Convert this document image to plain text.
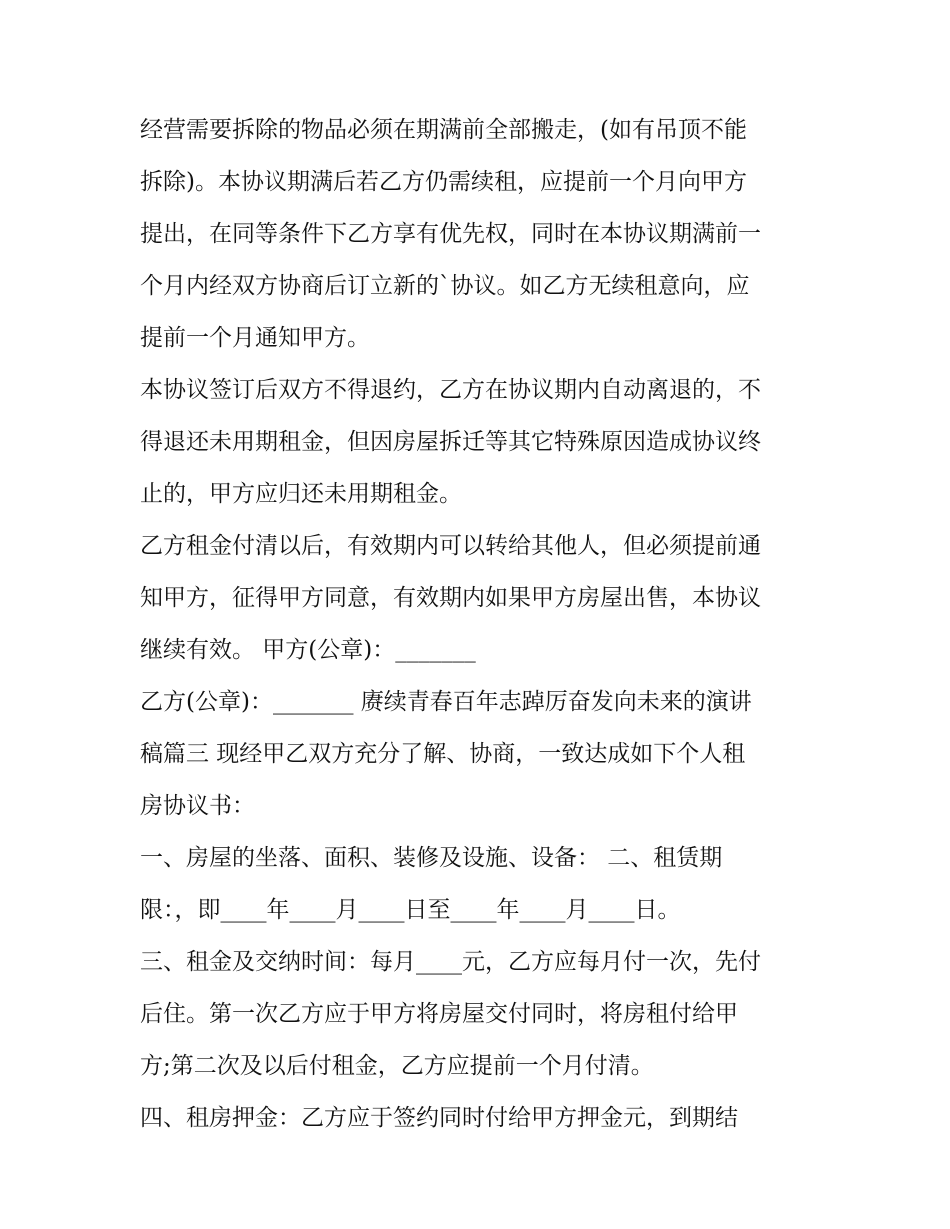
经营需要拆除的物品必须在期满前全部搬走，(如有吊顶不能
拆除)。本协议期满后若乙方仍需续租，应提前一个月向甲方
提出，在同等条件下乙方享有优先权，同时在本协议期满前一
个月内经双方协商后订立新的`协议。如乙方无续租意向，应
提前一个月通知甲方。
本协议签订后双方不得退约，乙方在协议期内自动离退的，不
得退还未用期租金，但因房屋拆迁等其它特殊原因造成协议终
止的，甲方应归还未用期租金。
乙方租金付清以后，有效期内可以转给其他人，但必须提前通
知甲方，征得甲方同意，有效期内如果甲方房屋出售，本协议
继续有效。 甲方(公章)：_______
乙方(公章)：_______ 赓续青春百年志踔厉奋发向未来的演讲
稿篇三 现经甲乙双方充分了解、协商，一致达成如下个人租
房协议书：
一、房屋的坐落、面积、装修及设施、设备： 二、租赁期
限：，即____年____月____日至____年____月____日。
三、租金及交纳时间：每月____元，乙方应每月付一次，先付
后住。第一次乙方应于甲方将房屋交付同时，将房租付给甲
方;第二次及以后付租金，乙方应提前一个月付清。
四、租房押金：乙方应于签约同时付给甲方押金元，到期结
